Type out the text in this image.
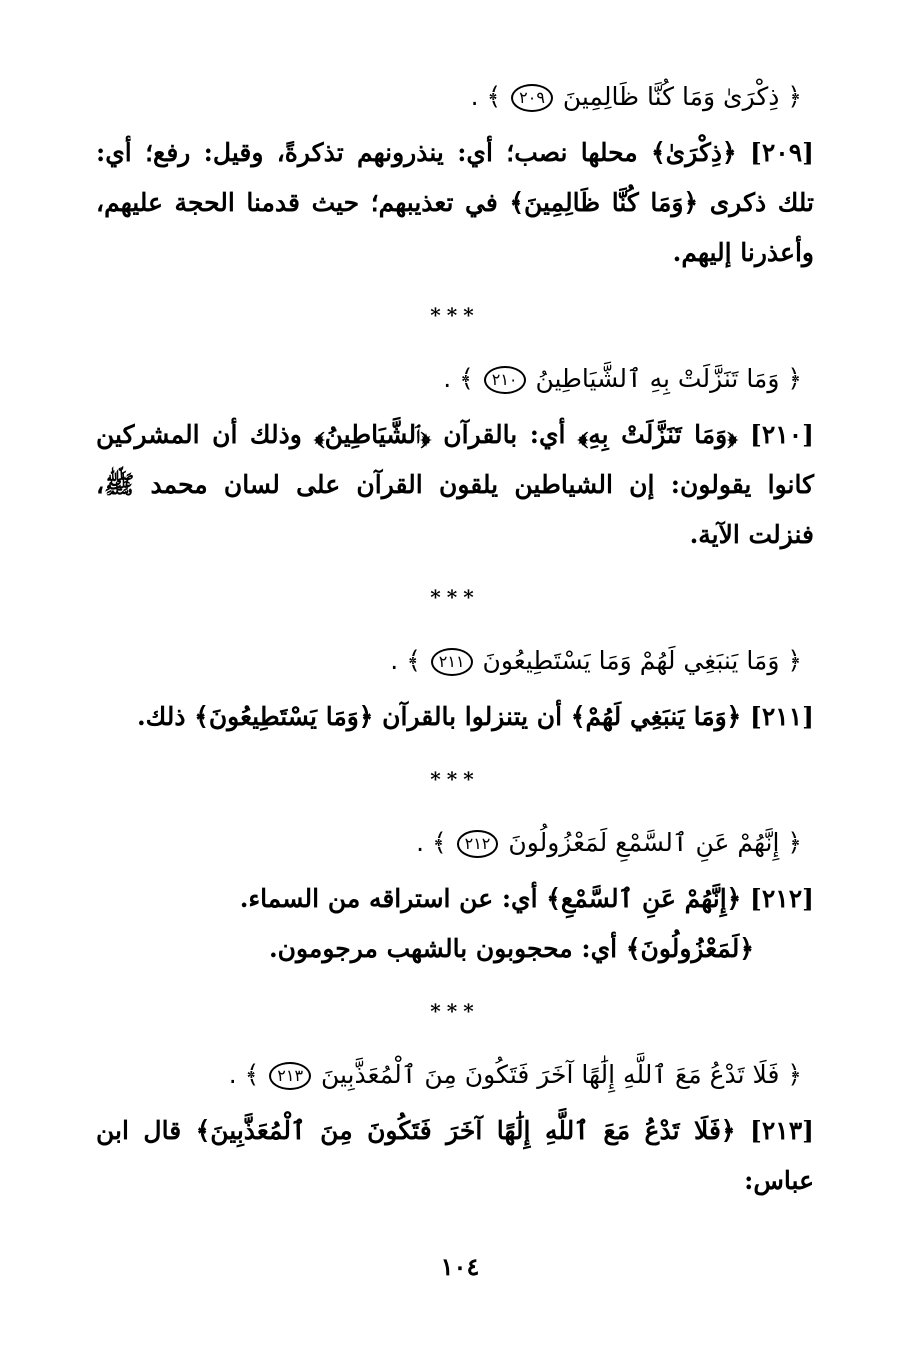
﴿ ذِكْرَىٰ وَمَا كُنَّا ظَالِمِينَ ٢٠٩ ﴾ .
[٢٠٩] ﴿ذِكْرَىٰ﴾ محلها نصب؛ أي: ينذرونهم تذكرةً، وقيل: رفع؛ أي: تلك ذكرى ﴿وَمَا كُنَّا ظَالِمِينَ﴾ في تعذيبهم؛ حيث قدمنا الحجة عليهم، وأعذرنا إليهم.
***
﴿ وَمَا تَنَزَّلَتْ بِهِ ٱلشَّيَاطِينُ ٢١٠ ﴾ .
[٢١٠] ﴿وَمَا تَنَزَّلَتْ بِهِ﴾ أي: بالقرآن ﴿ٱلشَّيَاطِينُ﴾ وذلك أن المشركين كانوا يقولون: إن الشياطين يلقون القرآن على لسان محمد ﷺ، فنزلت الآية.
***
﴿ وَمَا يَنبَغِي لَهُمْ وَمَا يَسْتَطِيعُونَ ٢١١ ﴾ .
[٢١١] ﴿وَمَا يَنبَغِي لَهُمْ﴾ أن يتنزلوا بالقرآن ﴿وَمَا يَسْتَطِيعُونَ﴾ ذلك.
***
﴿ إِنَّهُمْ عَنِ ٱلسَّمْعِ لَمَعْزُولُونَ ٢١٢ ﴾ .
[٢١٢] ﴿إِنَّهُمْ عَنِ ٱلسَّمْعِ﴾ أي: عن استراقه من السماء.
﴿لَمَعْزُولُونَ﴾ أي: محجوبون بالشهب مرجومون.
***
﴿ فَلَا تَدْعُ مَعَ ٱللَّهِ إِلَٰهًا آخَرَ فَتَكُونَ مِنَ ٱلْمُعَذَّبِينَ ٢١٣ ﴾ .
[٢١٣] ﴿فَلَا تَدْعُ مَعَ ٱللَّهِ إِلَٰهًا آخَرَ فَتَكُونَ مِنَ ٱلْمُعَذَّبِينَ﴾ قال ابن عباس:
١٠٤
